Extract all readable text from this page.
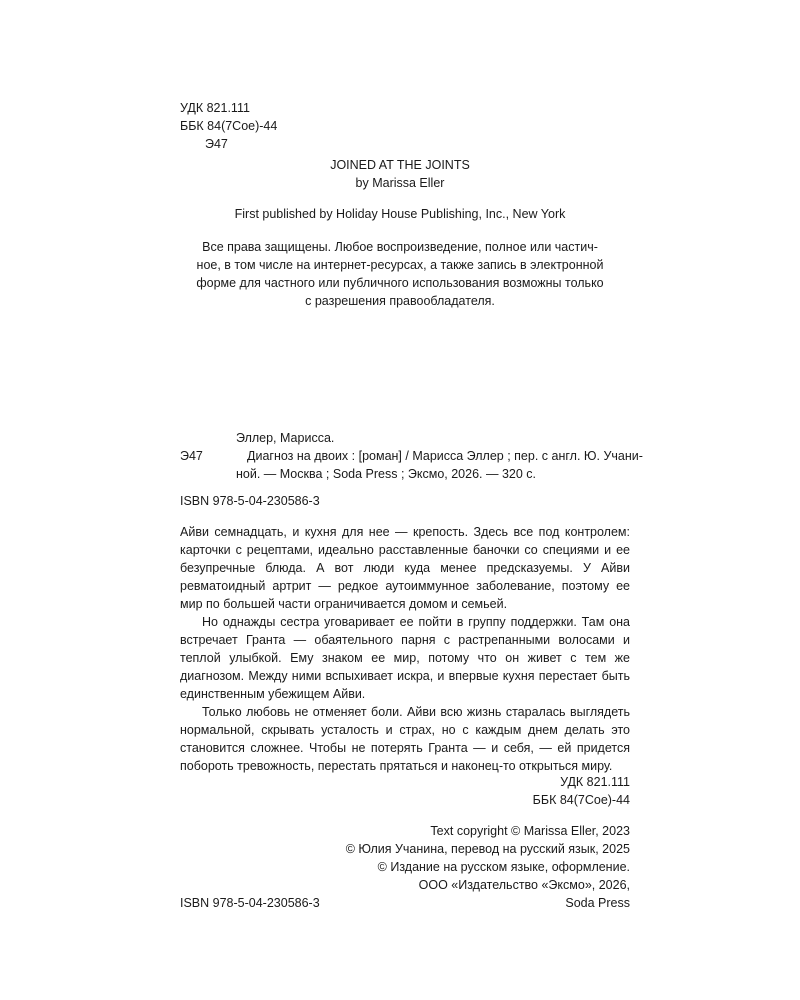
УДК 821.111
ББК 84(7Сое)-44
Э47
JOINED AT THE JOINTS
by Marissa Eller
First published by Holiday House Publishing, Inc., New York
Все права защищены. Любое воспроизведение, полное или частич-
ное, в том числе на интернет-ресурсах, а также запись в электронной
форме для частного или публичного использования возможны только
с разрешения правообладателя.
Эллер, Марисса.
Э47	Диагноз на двоих : [роман] / Марисса Эллер ; пер. с англ. Ю. Учани-
ной. — Москва ; Soda Press ; Эксмо, 2026. — 320 с.
ISBN 978-5-04-230586-3

Айви семнадцать, и кухня для нее — крепость. Здесь все под контролем: карточки с рецептами, идеально расставленные баночки со специями и ее безупречные блюда. А вот люди куда менее предсказуемы. У Айви ревматоидный артрит — редкое аутоиммунное заболевание, поэтому ее мир по большей части ограничивается домом и семьей.

Но однажды сестра уговаривает ее пойти в группу поддержки. Там она встречает Гранта — обаятельного парня с растрепанными волосами и теплой улыбкой. Ему знаком ее мир, потому что он живет с тем же диагнозом. Между ними вспыхивает искра, и впервые кухня перестает быть единственным убежищем Айви.

Только любовь не отменяет боли. Айви всю жизнь старалась выглядеть нормальной, скрывать усталость и страх, но с каждым днем делать это становится сложнее. Чтобы не потерять Гранта — и себя, — ей придется побороть тревожность, перестать прятаться и наконец-то открыться миру.

УДК 821.111
ББК 84(7Сое)-44
Text copyright © Marissa Eller, 2023
© Юлия Учанина, перевод на русский язык, 2025
© Издание на русском языке, оформление.
ООО «Издательство «Эксмо», 2026,
Soda Press
ISBN 978-5-04-230586-3
